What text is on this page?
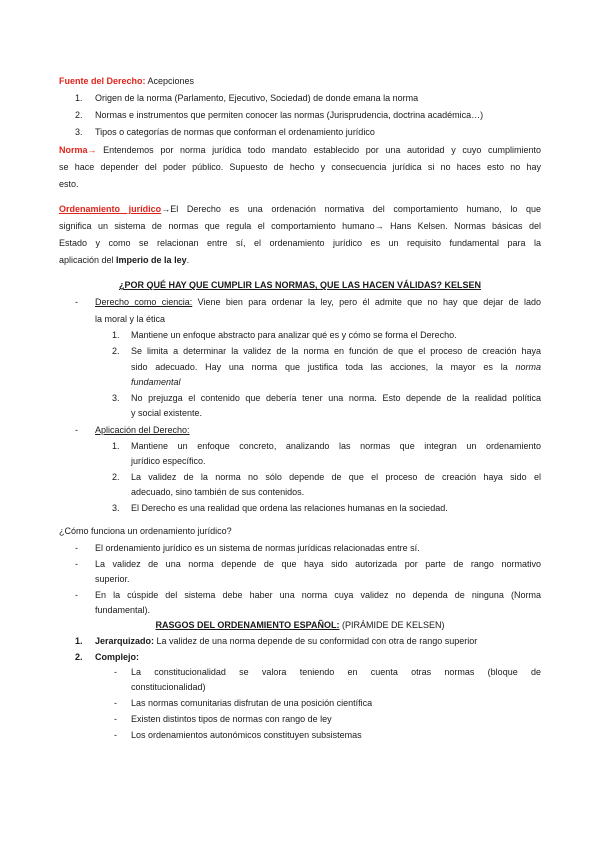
Fuente del Derecho: Acepciones
1. Origen de la norma (Parlamento, Ejecutivo, Sociedad) de donde emana la norma
2. Normas e instrumentos que permiten conocer las normas (Jurisprudencia, doctrina académica…)
3. Tipos o categorías de normas que conforman el ordenamiento jurídico
Norma→ Entendemos por norma jurídica todo mandato establecido por una autoridad y cuyo cumplimiento
se hace depender del poder público. Supuesto de hecho y consecuencia jurídica si no haces esto no hay
esto.
Ordenamiento jurídico→El Derecho es una ordenación normativa del comportamiento humano, lo que
significa un sistema de normas que regula el comportamiento humano→ Hans Kelsen. Normas básicas del
Estado y como se relacionan entre sí, el ordenamiento jurídico es un requisito fundamental para la
aplicación del Imperio de la ley.
¿POR QUÉ HAY QUE CUMPLIR LAS NORMAS, QUE LAS HACEN VÁLIDAS? KELSEN
- Derecho como ciencia: Viene bien para ordenar la ley, pero él admite que no hay que dejar de lado
la moral y la ética
1. Mantiene un enfoque abstracto para analizar qué es y cómo se forma el Derecho.
2. Se limita a determinar la validez de la norma en función de que el proceso de creación haya
sido adecuado. Hay una norma que justifica toda las acciones, la mayor es la norma
fundamental
3. No prejuzga el contenido que debería tener una norma. Esto depende de la realidad política
y social existente.
- Aplicación del Derecho:
1. Mantiene un enfoque concreto, analizando las normas que integran un ordenamiento
jurídico específico.
2. La validez de la norma no sólo depende de que el proceso de creación haya sido el
adecuado, sino también de sus contenidos.
3. El Derecho es una realidad que ordena las relaciones humanas en la sociedad.
¿Cómo funciona un ordenamiento jurídico?
- El ordenamiento jurídico es un sistema de normas jurídicas relacionadas entre sí.
- La validez de una norma depende de que haya sido autorizada por parte de rango normativo
superior.
- En la cúspide del sistema debe haber una norma cuya validez no dependa de ninguna (Norma
fundamental).
RASGOS DEL ORDENAMIENTO ESPAÑOL: (PIRÁMIDE DE KELSEN)
1. Jerarquizado: La validez de una norma depende de su conformidad con otra de rango superior
2. Complejo:
- La constitucionalidad se valora teniendo en cuenta otras normas (bloque de
constitucionalidad)
- Las normas comunitarias disfrutan de una posición científica
- Existen distintos tipos de normas con rango de ley
- Los ordenamientos autonómicos constituyen subsistemas
